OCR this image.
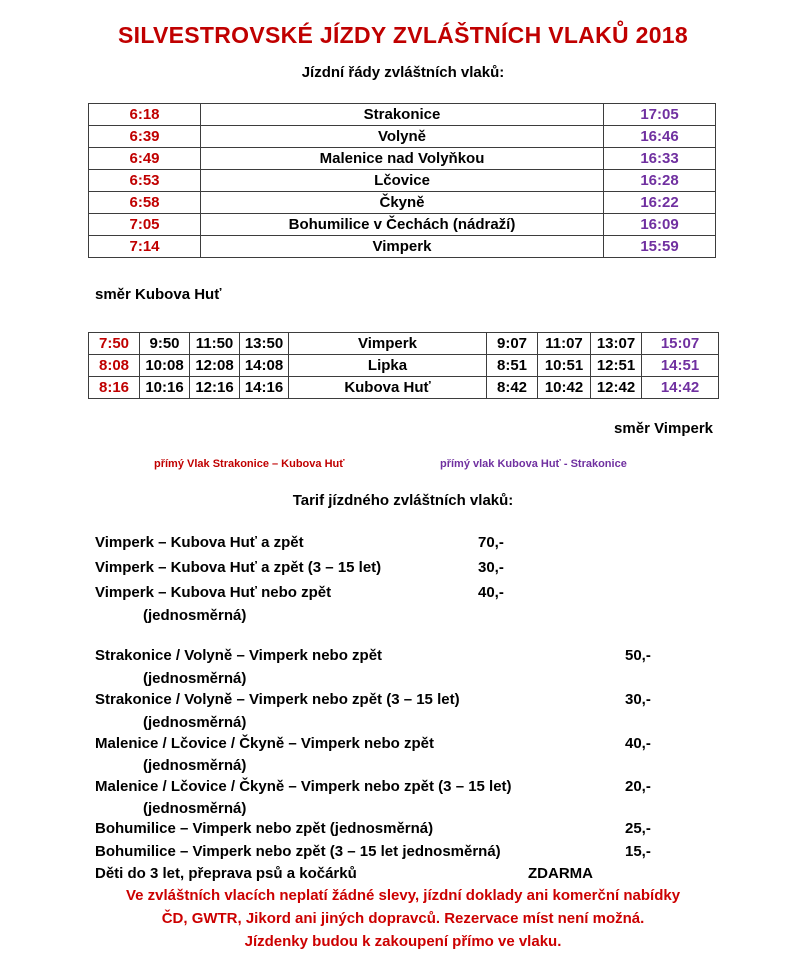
SILVESTROVSKÉ JÍZDY ZVLÁŠTNÍCH VLAKŮ 2018
Jízdní řády zvláštních vlaků:
6:18	Strakonice	17:05
6:39	Volyně	16:46
6:49	Malenice nad Volyňkou	16:33
6:53	Lčovice	16:28
6:58	Čkyně	16:22
7:05	Bohumilice v Čechách (nádraží)	16:09
7:14	Vimperk	15:59
směr Kubova Huť
7:50	9:50	11:50	13:50	Vimperk	9:07	11:07	13:07	15:07
8:08	10:08	12:08	14:08	Lipka	8:51	10:51	12:51	14:51
8:16	10:16	12:16	14:16	Kubova Huť	8:42	10:42	12:42	14:42
směr Vimperk
přímý Vlak Strakonice – Kubova Huť	přímý vlak Kubova Huť - Strakonice
Tarif jízdného zvláštních vlaků:
Vimperk – Kubova Huť a zpět	70,-
Vimperk – Kubova Huť a zpět (3 – 15 let)	30,-
Vimperk – Kubova Huť nebo zpět	40,-
(jednosměrná)
Strakonice / Volyně – Vimperk nebo zpět	50,-
(jednosměrná)
Strakonice / Volyně – Vimperk nebo zpět (3 – 15 let)	30,-
(jednosměrná)
Malenice / Lčovice / Čkyně – Vimperk nebo zpět	40,-
(jednosměrná)
Malenice / Lčovice / Čkyně – Vimperk nebo zpět (3 – 15 let)	20,-
(jednosměrná)
Bohumilice – Vimperk nebo zpět (jednosměrná)	25,-
Bohumilice – Vimperk nebo zpět (3 – 15 let jednosměrná)	15,-
Děti do 3 let, přeprava psů a kočárků	ZDARMA
Ve zvláštních vlacích neplatí žádné slevy, jízdní doklady ani komerční nabídky
ČD, GWTR, Jikord ani jiných dopravců. Rezervace míst není možná.
Jízdenky budou k zakoupení přímo ve vlaku.
